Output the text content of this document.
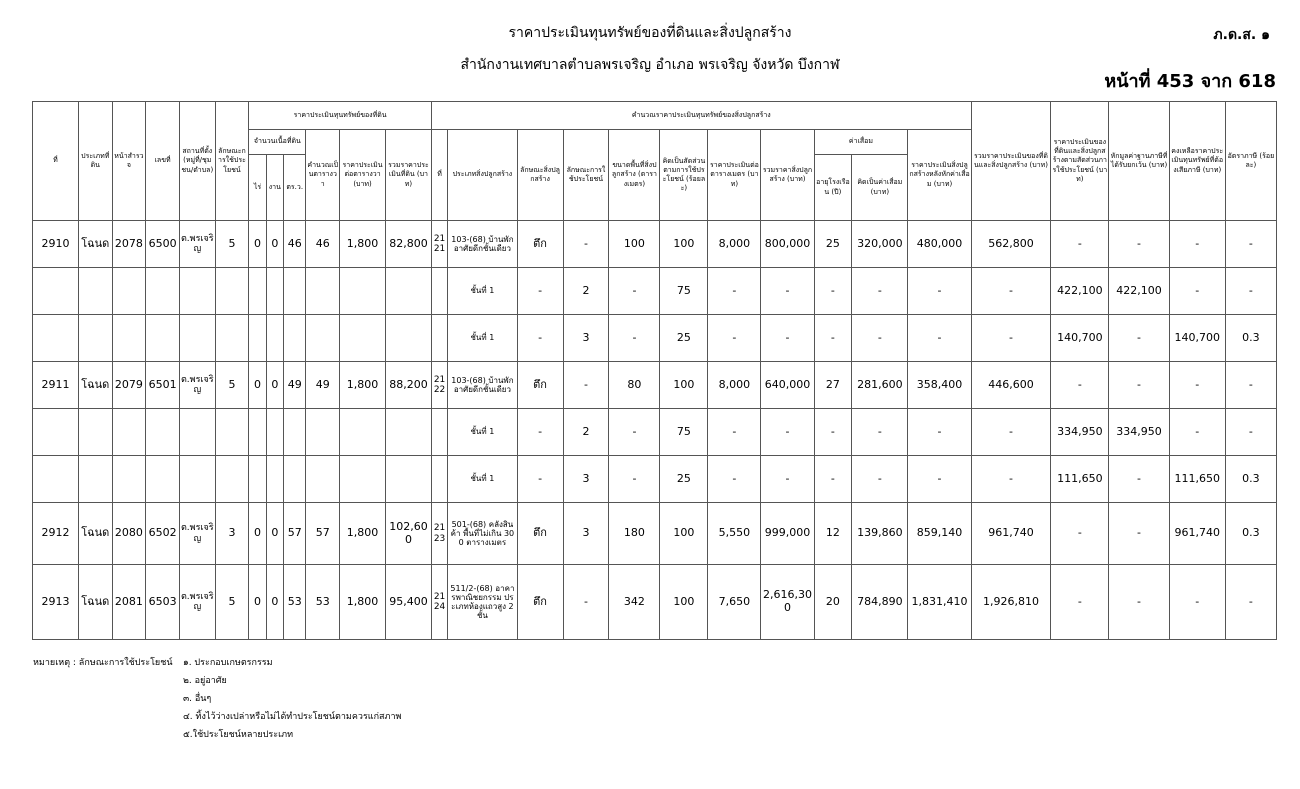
ราคาประเมินทุนทรัพย์ของที่ดินและสิ่งปลูกสร้าง
สำนักงานเทศบาลตำบลพรเจริญ อำเภอ พรเจริญ จังหวัด บึงกาฬ
ภ.ด.ส. ๑
หน้าที่ 453 จาก 618
ที่	ประเภทที่ดิน	หน้าสำรวจ	เลขที่	สถานที่ตั้ง(หมู่ที่/ชุมชน/ตำบล)	ลักษณะการใช้ประโยชน์	ราคาประเมินทุนทรัพย์ของที่ดิน						คำนวณราคาประเมินทุนทรัพย์ของสิ่งปลูกสร้าง											รวมราคาประเมินของที่ดินและสิ่งปลูกสร้าง (บาท)	ราคาประเมินของที่ดินและสิ่งปลูกสร้างตามสัดส่วนการใช้ประโยชน์ (บาท)	หักมูลค่าฐานภาษีที่ได้รับยกเว้น (บาท)	คงเหลือราคาประเมินทุนทรัพย์ที่ต้องเสียภาษี (บาท)	อัตราภาษี (ร้อยละ)
						จำนวนเนื้อที่ดิน			คำนวณเป็นตารางวา	ราคาประเมินต่อตารางวา (บาท)	รวมราคาประเมินที่ดิน (บาท)	ที่	ประเภทสิ่งปลูกสร้าง	ลักษณะสิ่งปลูกสร้าง	ลักษณะการใช้ประโยชน์	ขนาดพื้นที่สิ่งปลูกสร้าง (ตารางเมตร)	คิดเป็นสัดส่วนตามการใช้ประโยชน์ (ร้อยละ)	ราคาประเมินต่อตารางเมตร (บาท)	รวมราคาสิ่งปลูกสร้าง (บาท)	ค่าเสื่อม		ราคาประเมินสิ่งปลูกสร้างหลังหักค่าเสื่อม (บาท)					
						ไร่	งาน	ตร.ว.												อายุโรงเรือน (ปี)	คิดเป็นค่าเสื่อม (บาท)						
2910	โฉนด	2078	6500	ต.พรเจริญ	5	0	0	46	46	1,800	82,800	21 21	103-(68) บ้านพักอาศัยดีกชั้นเดียว	ตึก	-	100	100	8,000	800,000	25	320,000	480,000	562,800	-	-	-	-
													ชั้นที่ 1	-	2	-	75	-	-	-	-	-	-	422,100	422,100	-	-
													ชั้นที่ 1	-	3	-	25	-	-	-	-	-	-	140,700	-	140,700	0.3
2911	โฉนด	2079	6501	ต.พรเจริญ	5	0	0	49	49	1,800	88,200	21 22	103-(68) บ้านพักอาศัยดีกชั้นเดียว	ตึก	-	80	100	8,000	640,000	27	281,600	358,400	446,600	-	-	-	-
													ชั้นที่ 1	-	2	-	75	-	-	-	-	-	-	334,950	334,950	-	-
													ชั้นที่ 1	-	3	-	25	-	-	-	-	-	-	111,650	-	111,650	0.3
2912	โฉนด	2080	6502	ต.พรเจริญ	3	0	0	57	57	1,800	102,600	21 23	501-(68) คลังสินค้า พื้นที่ไม่เกิน 300 ตารางเมตร	ตึก	3	180	100	5,550	999,000	12	139,860	859,140	961,740	-	-	961,740	0.3
2913	โฉนด	2081	6503	ต.พรเจริญ	5	0	0	53	53	1,800	95,400	21 24	511/2-(68) อาคารพาณิชยกรรม ประเภทห้องแถวสูง 2ชั้น	ตึก	-	342	100	7,650	2,616,300	20	784,890	1,831,410	1,926,810	-	-	-	-
หมายเหตุ : ลักษณะการใช้ประโยชน์ ๑. ประกอบเกษตรกรรม
๒. อยู่อาศัย
๓. อื่นๆ
๔. ทิ้งไว้ว่างเปล่าหรือไม่ได้ทำประโยชน์ตามควรแก่สภาพ
๕.ใช้ประโยชน์หลายประเภท
